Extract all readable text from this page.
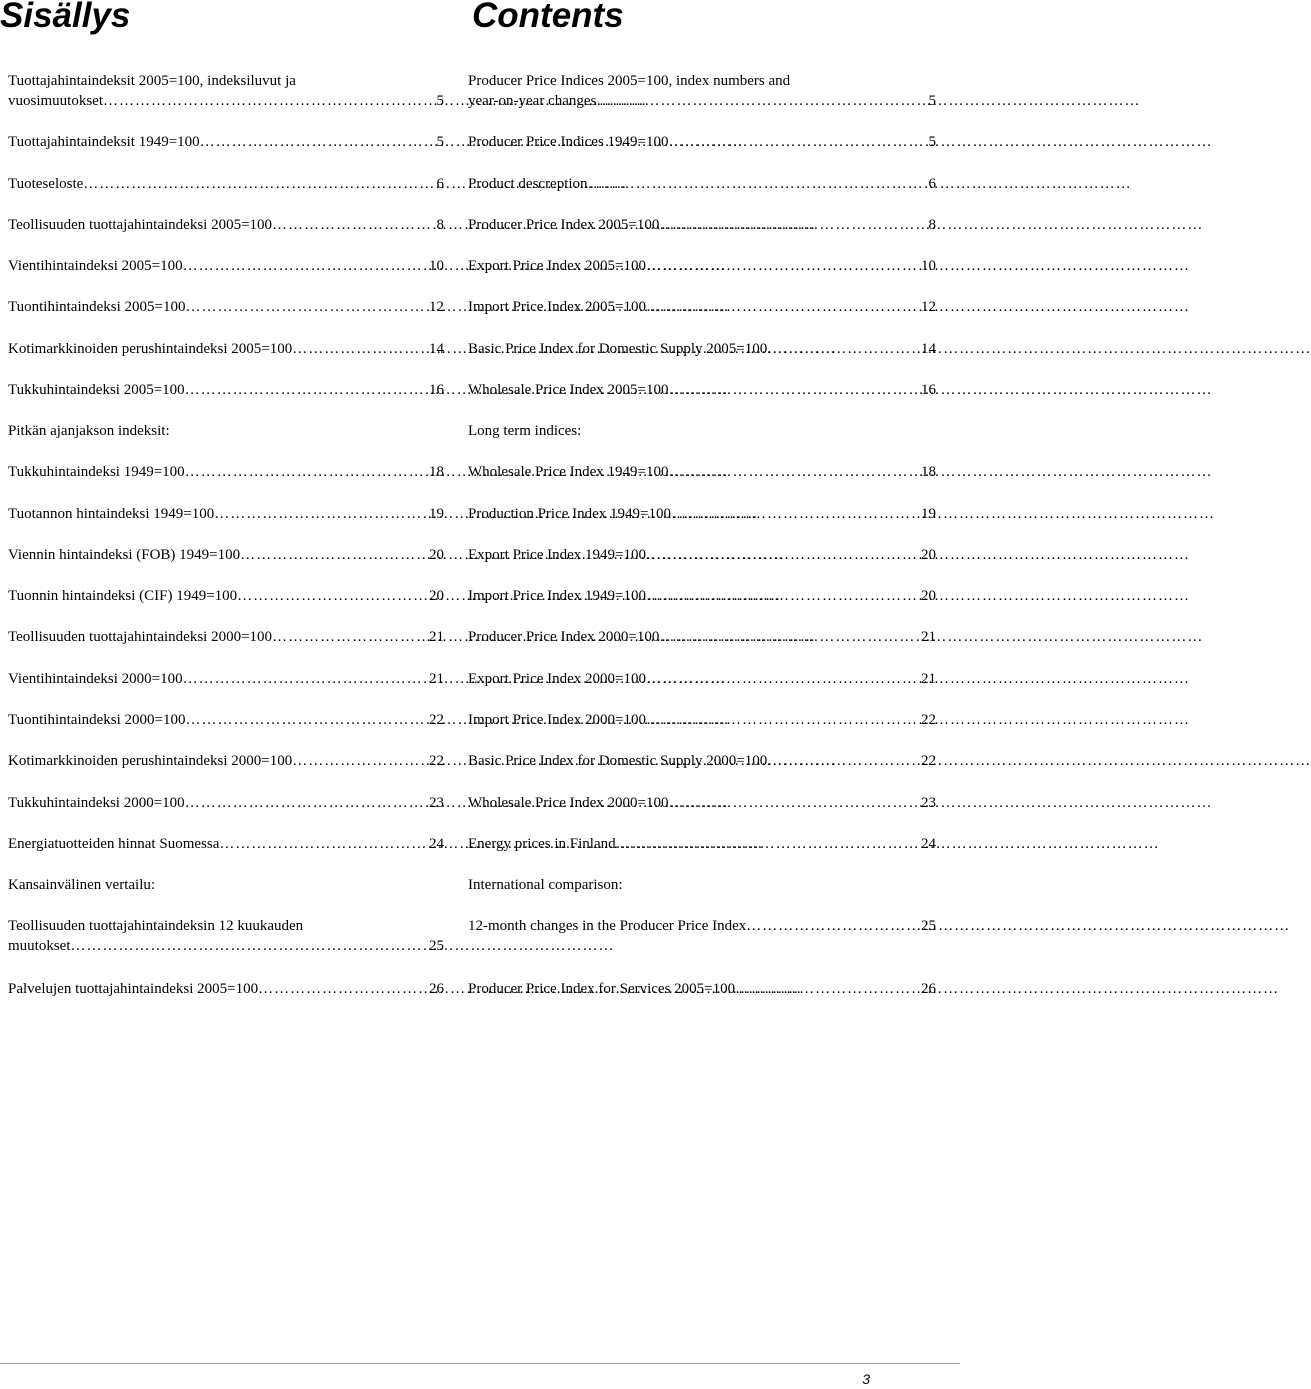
Sisällys
Tuottajahintaindeksit 2005=100, indeksiluvut ja
vuosimuutokset …………………………………………………………………………………………	5
Tuottajahintaindeksit 1949=100 …………………………………………………………………………………………	5
Tuoteseloste …………………………………………………………………………………………	6
Teollisuuden tuottajahintaindeksi 2005=100 …………………………………………………………………………………………	8
Vientihintaindeksi 2005=100 …………………………………………………………………………………………	10
Tuontihintaindeksi 2005=100 …………………………………………………………………………………………	12
Kotimarkkinoiden perushintaindeksi 2005=100 …………………………………………………………………………………………	14
Tukkuhintaindeksi 2005=100 …………………………………………………………………………………………	16
Pitkän ajanjakson indeksit:
Tukkuhintaindeksi 1949=100 …………………………………………………………………………………………	18
Tuotannon hintaindeksi 1949=100 …………………………………………………………………………………………	19
Viennin hintaindeksi (FOB) 1949=100 …………………………………………………………………………………………	20
Tuonnin hintaindeksi (CIF) 1949=100 …………………………………………………………………………………………	20
Teollisuuden tuottajahintaindeksi 2000=100 …………………………………………………………………………………………	21
Vientihintaindeksi 2000=100 …………………………………………………………………………………………	21
Tuontihintaindeksi 2000=100 …………………………………………………………………………………………	22
Kotimarkkinoiden perushintaindeksi 2000=100 …………………………………………………………………………………………	22
Tukkuhintaindeksi 2000=100 …………………………………………………………………………………………	23
Energiatuotteiden hinnat Suomessa …………………………………………………………………………………………	24
Kansainvälinen vertailu:
Teollisuuden tuottajahintaindeksin 12 kuukauden
muutokset …………………………………………………………………………………………	25
Palvelujen tuottajahintaindeksi 2005=100 …………………………………………………………………………………………	26
Contents
Producer Price Indices 2005=100, index numbers and
year-on-year changes …………………………………………………………………………………………	5
Producer Price Indices 1949=100 …………………………………………………………………………………………	5
Product descreption …………………………………………………………………………………………	6
Producer Price Index 2005=100 …………………………………………………………………………………………	8
Export Price Index 2005=100 …………………………………………………………………………………………	10
Import Price Index 2005=100 …………………………………………………………………………………………	12
Basic Price Index for Domestic Supply 2005=100 …………………………………………………………………………………………	14
Wholesale Price Index 2005=100 …………………………………………………………………………………………	16
Long term indices:
Wholesale Price Index 1949=100 …………………………………………………………………………………………	18
Production Price Index 1949=100 …………………………………………………………………………………………	19
Export Price Index 1949=100 …………………………………………………………………………………………	20
Import Price Index 1949=100 …………………………………………………………………………………………	20
Producer Price Index 2000=100 …………………………………………………………………………………………	21
Export Price Index 2000=100 …………………………………………………………………………………………	21
Import Price Index 2000=100 …………………………………………………………………………………………	22
Basic Price Index for Domestic Supply 2000=100 …………………………………………………………………………………………	22
Wholesale Price Index 2000=100 …………………………………………………………………………………………	23
Energy prices in Finland …………………………………………………………………………………………	24
International comparison:
12-month changes in the Producer Price Index …………………………………………………………………………………………	25
Producer Price Index for Services 2005=100 …………………………………………………………………………………………	26
3
